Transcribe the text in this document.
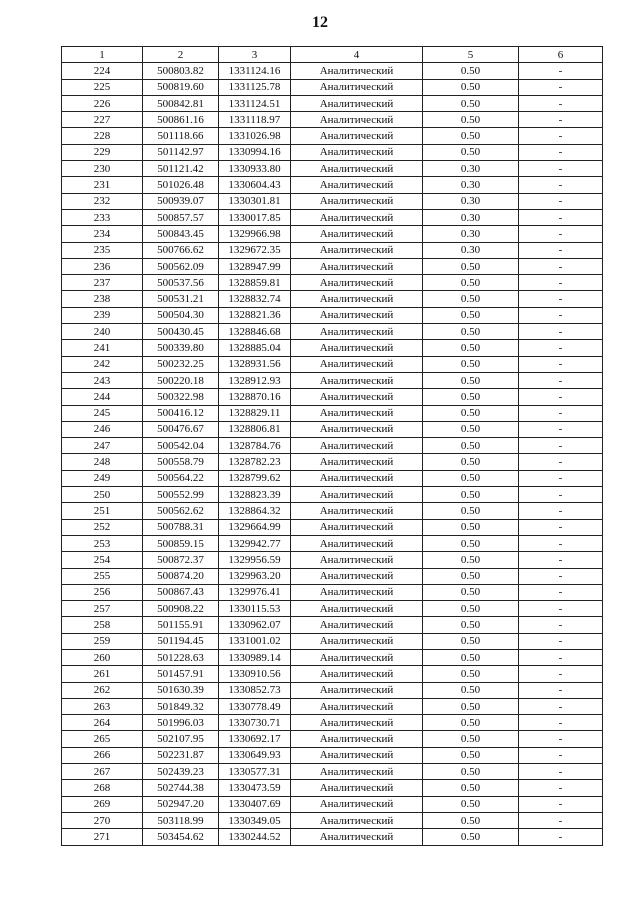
12
1	2	3	4	5	6
224	500803.82	1331124.16	Аналитический	0.50	-
225	500819.60	1331125.78	Аналитический	0.50	-
226	500842.81	1331124.51	Аналитический	0.50	-
227	500861.16	1331118.97	Аналитический	0.50	-
228	501118.66	1331026.98	Аналитический	0.50	-
229	501142.97	1330994.16	Аналитический	0.50	-
230	501121.42	1330933.80	Аналитический	0.30	-
231	501026.48	1330604.43	Аналитический	0.30	-
232	500939.07	1330301.81	Аналитический	0.30	-
233	500857.57	1330017.85	Аналитический	0.30	-
234	500843.45	1329966.98	Аналитический	0.30	-
235	500766.62	1329672.35	Аналитический	0.30	-
236	500562.09	1328947.99	Аналитический	0.50	-
237	500537.56	1328859.81	Аналитический	0.50	-
238	500531.21	1328832.74	Аналитический	0.50	-
239	500504.30	1328821.36	Аналитический	0.50	-
240	500430.45	1328846.68	Аналитический	0.50	-
241	500339.80	1328885.04	Аналитический	0.50	-
242	500232.25	1328931.56	Аналитический	0.50	-
243	500220.18	1328912.93	Аналитический	0.50	-
244	500322.98	1328870.16	Аналитический	0.50	-
245	500416.12	1328829.11	Аналитический	0.50	-
246	500476.67	1328806.81	Аналитический	0.50	-
247	500542.04	1328784.76	Аналитический	0.50	-
248	500558.79	1328782.23	Аналитический	0.50	-
249	500564.22	1328799.62	Аналитический	0.50	-
250	500552.99	1328823.39	Аналитический	0.50	-
251	500562.62	1328864.32	Аналитический	0.50	-
252	500788.31	1329664.99	Аналитический	0.50	-
253	500859.15	1329942.77	Аналитический	0.50	-
254	500872.37	1329956.59	Аналитический	0.50	-
255	500874.20	1329963.20	Аналитический	0.50	-
256	500867.43	1329976.41	Аналитический	0.50	-
257	500908.22	1330115.53	Аналитический	0.50	-
258	501155.91	1330962.07	Аналитический	0.50	-
259	501194.45	1331001.02	Аналитический	0.50	-
260	501228.63	1330989.14	Аналитический	0.50	-
261	501457.91	1330910.56	Аналитический	0.50	-
262	501630.39	1330852.73	Аналитический	0.50	-
263	501849.32	1330778.49	Аналитический	0.50	-
264	501996.03	1330730.71	Аналитический	0.50	-
265	502107.95	1330692.17	Аналитический	0.50	-
266	502231.87	1330649.93	Аналитический	0.50	-
267	502439.23	1330577.31	Аналитический	0.50	-
268	502744.38	1330473.59	Аналитический	0.50	-
269	502947.20	1330407.69	Аналитический	0.50	-
270	503118.99	1330349.05	Аналитический	0.50	-
271	503454.62	1330244.52	Аналитический	0.50	-
